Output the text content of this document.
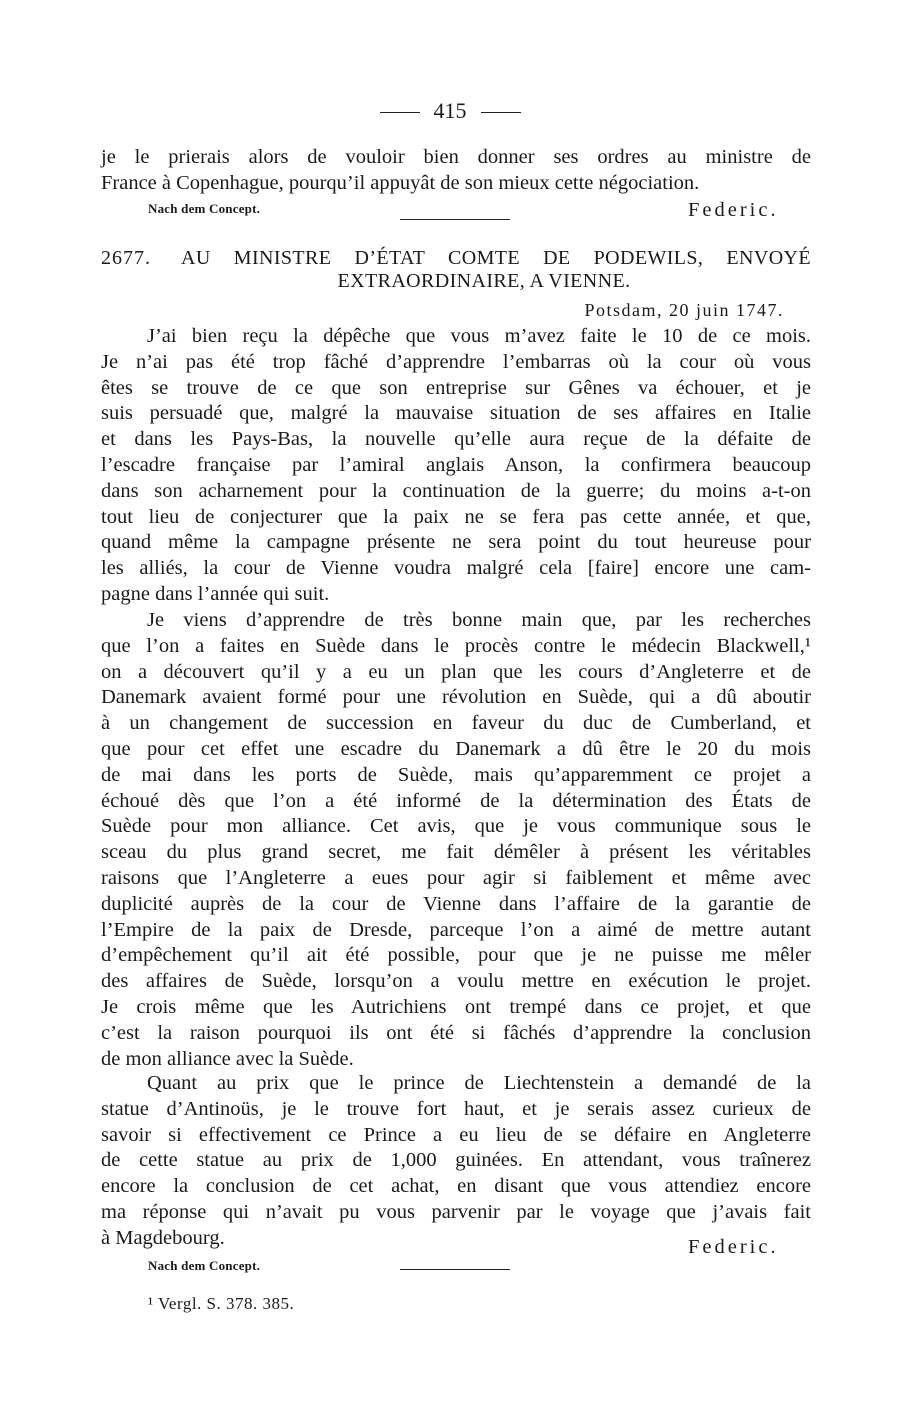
415
je le prierais alors de vouloir bien donner ses ordres au ministre de
France à Copenhague, pourqu’il appuyât de son mieux cette négociation.
Nach dem Concept.	Federic.
2677.	AU MINISTRE D’ÉTAT COMTE DE PODEWILS, ENVOYÉ
EXTRAORDINAIRE, A VIENNE.
Potsdam, 20 juin 1747.
J’ai bien reçu la dépêche que vous m’avez faite le 10 de ce mois.
Je n’ai pas été trop fâché d’apprendre l’embarras où la cour où vous
êtes se trouve de ce que son entreprise sur Gênes va échouer, et je
suis persuadé que, malgré la mauvaise situation de ses affaires en Italie
et dans les Pays-Bas, la nouvelle qu’elle aura reçue de la défaite de
l’escadre française par l’amiral anglais Anson, la confirmera beaucoup
dans son acharnement pour la continuation de la guerre; du moins a-t-on
tout lieu de conjecturer que la paix ne se fera pas cette année, et que,
quand même la campagne présente ne sera point du tout heureuse pour
les alliés, la cour de Vienne voudra malgré cela [faire] encore une cam-
pagne dans l’année qui suit.
Je viens d’apprendre de très bonne main que, par les recherches
que l’on a faites en Suède dans le procès contre le médecin Blackwell,¹
on a découvert qu’il y a eu un plan que les cours d’Angleterre et de
Danemark avaient formé pour une révolution en Suède, qui a dû aboutir
à un changement de succession en faveur du duc de Cumberland, et
que pour cet effet une escadre du Danemark a dû être le 20 du mois
de mai dans les ports de Suède, mais qu’apparemment ce projet a
échoué dès que l’on a été informé de la détermination des États de
Suède pour mon alliance. Cet avis, que je vous communique sous le
sceau du plus grand secret, me fait démêler à présent les véritables
raisons que l’Angleterre a eues pour agir si faiblement et même avec
duplicité auprès de la cour de Vienne dans l’affaire de la garantie de
l’Empire de la paix de Dresde, parceque l’on a aimé de mettre autant
d’empêchement qu’il ait été possible, pour que je ne puisse me mêler
des affaires de Suède, lorsqu’on a voulu mettre en exécution le projet.
Je crois même que les Autrichiens ont trempé dans ce projet, et que
c’est la raison pourquoi ils ont été si fâchés d’apprendre la conclusion
de mon alliance avec la Suède.
Quant au prix que le prince de Liechtenstein a demandé de la
statue d’Antinoüs, je le trouve fort haut, et je serais assez curieux de
savoir si effectivement ce Prince a eu lieu de se défaire en Angleterre
de cette statue au prix de 1,000 guinées. En attendant, vous traînerez
encore la conclusion de cet achat, en disant que vous attendiez encore
ma réponse qui n’avait pu vous parvenir par le voyage que j’avais fait
à Magdebourg.	Federic.
Nach dem Concept.
¹ Vergl. S. 378. 385.
